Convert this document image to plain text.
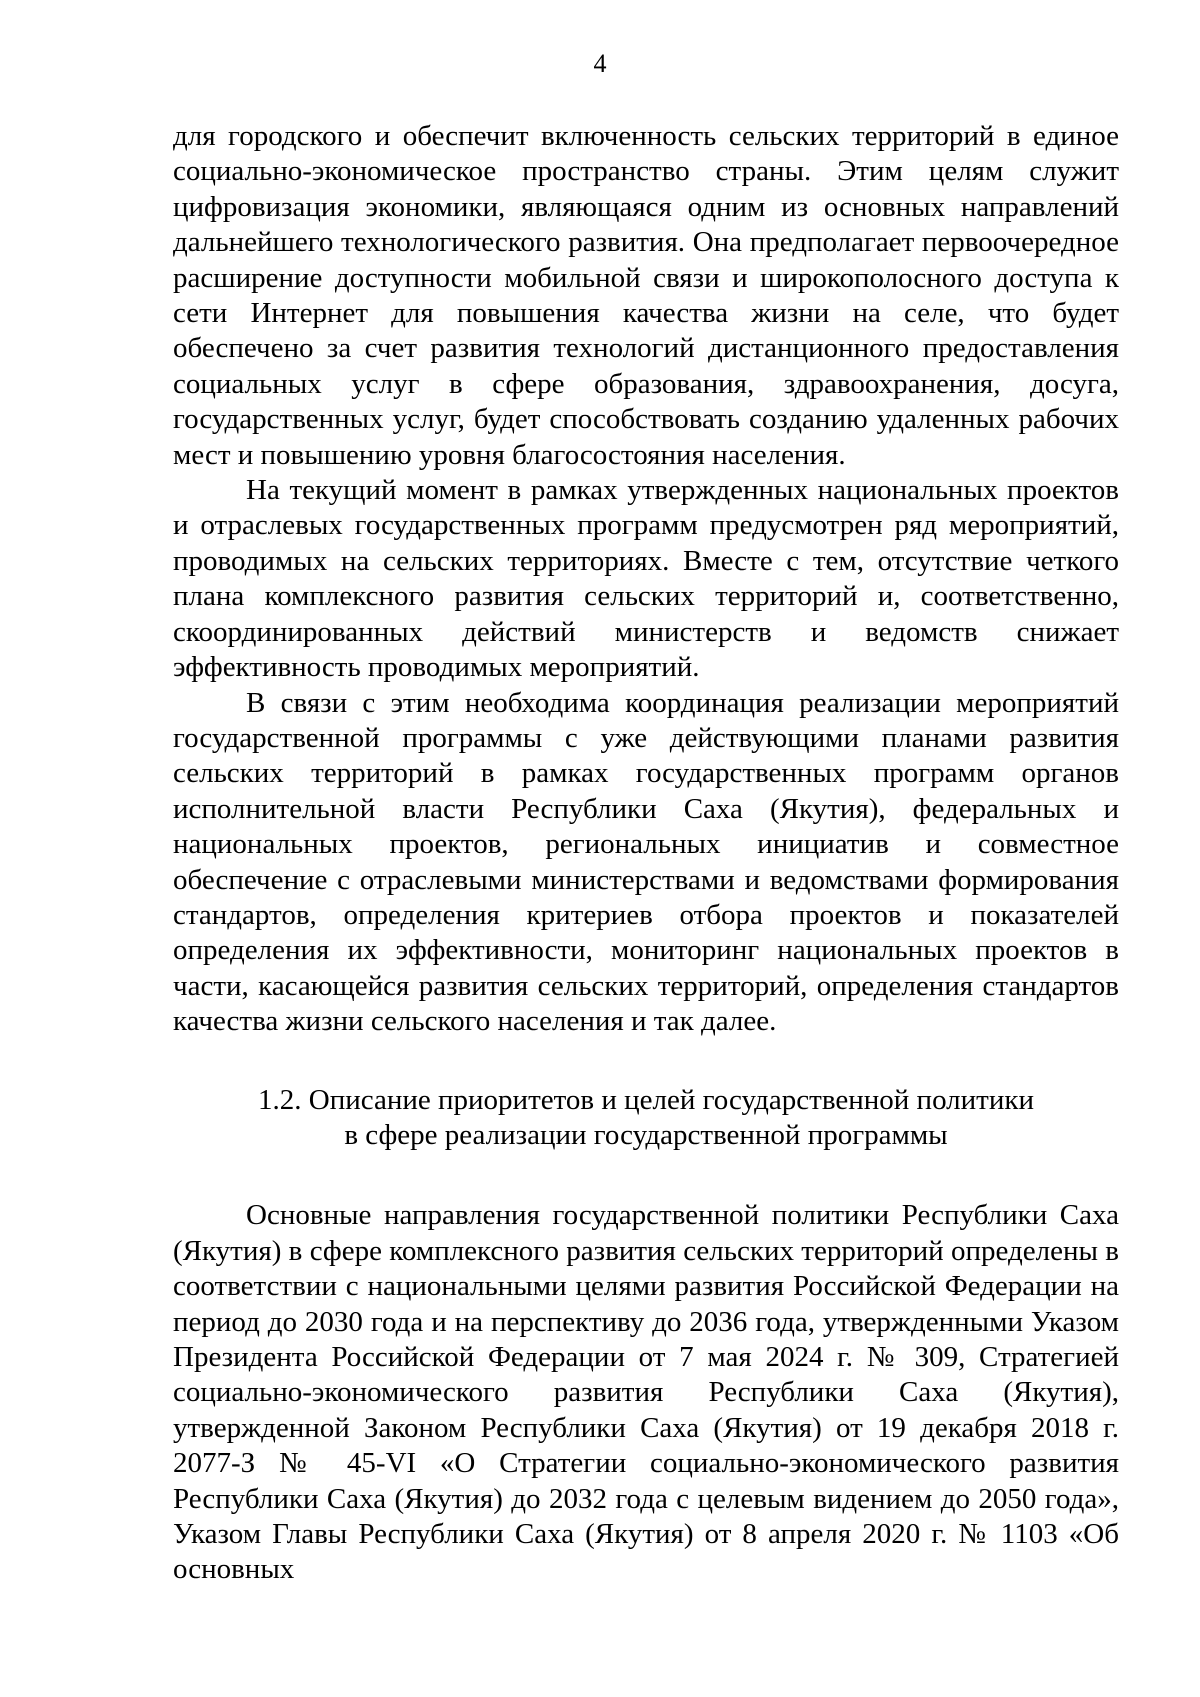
4

для городского и обеспечит включенность сельских территорий в единое социально-экономическое пространство страны. Этим целям служит цифровизация экономики, являющаяся одним из основных направлений дальнейшего технологического развития. Она предполагает первоочередное расширение доступности мобильной связи и широкополосного доступа к сети Интернет для повышения качества жизни на селе, что будет обеспечено за счет развития технологий дистанционного предоставления социальных услуг в сфере образования, здравоохранения, досуга, государственных услуг, будет способствовать созданию удаленных рабочих мест и повышению уровня благосостояния населения.

На текущий момент в рамках утвержденных национальных проектов и отраслевых государственных программ предусмотрен ряд мероприятий, проводимых на сельских территориях. Вместе с тем, отсутствие четкого плана комплексного развития сельских территорий и, соответственно, скоординированных действий министерств и ведомств снижает эффективность проводимых мероприятий.

В связи с этим необходима координация реализации мероприятий государственной программы с уже действующими планами развития сельских территорий в рамках государственных программ органов исполнительной власти Республики Саха (Якутия), федеральных и национальных проектов, региональных инициатив и совместное обеспечение с отраслевыми министерствами и ведомствами формирования стандартов, определения критериев отбора проектов и показателей определения их эффективности, мониторинг национальных проектов в части, касающейся развития сельских территорий, определения стандартов качества жизни сельского населения и так далее.

1.2. Описание приоритетов и целей государственной политики
в сфере реализации государственной программы

Основные направления государственной политики Республики Саха (Якутия) в сфере комплексного развития сельских территорий определены в соответствии с национальными целями развития Российской Федерации на период до 2030 года и на перспективу до 2036 года, утвержденными Указом Президента Российской Федерации от 7 мая 2024 г. № 309, Стратегией социально-экономического развития Республики Саха (Якутия), утвержденной Законом Республики Саха (Якутия) от 19 декабря 2018 г. 2077-З № 45-VI «О Стратегии социально-экономического развития Республики Саха (Якутия) до 2032 года с целевым видением до 2050 года», Указом Главы Республики Саха (Якутия) от 8 апреля 2020 г. № 1103 «Об основных
